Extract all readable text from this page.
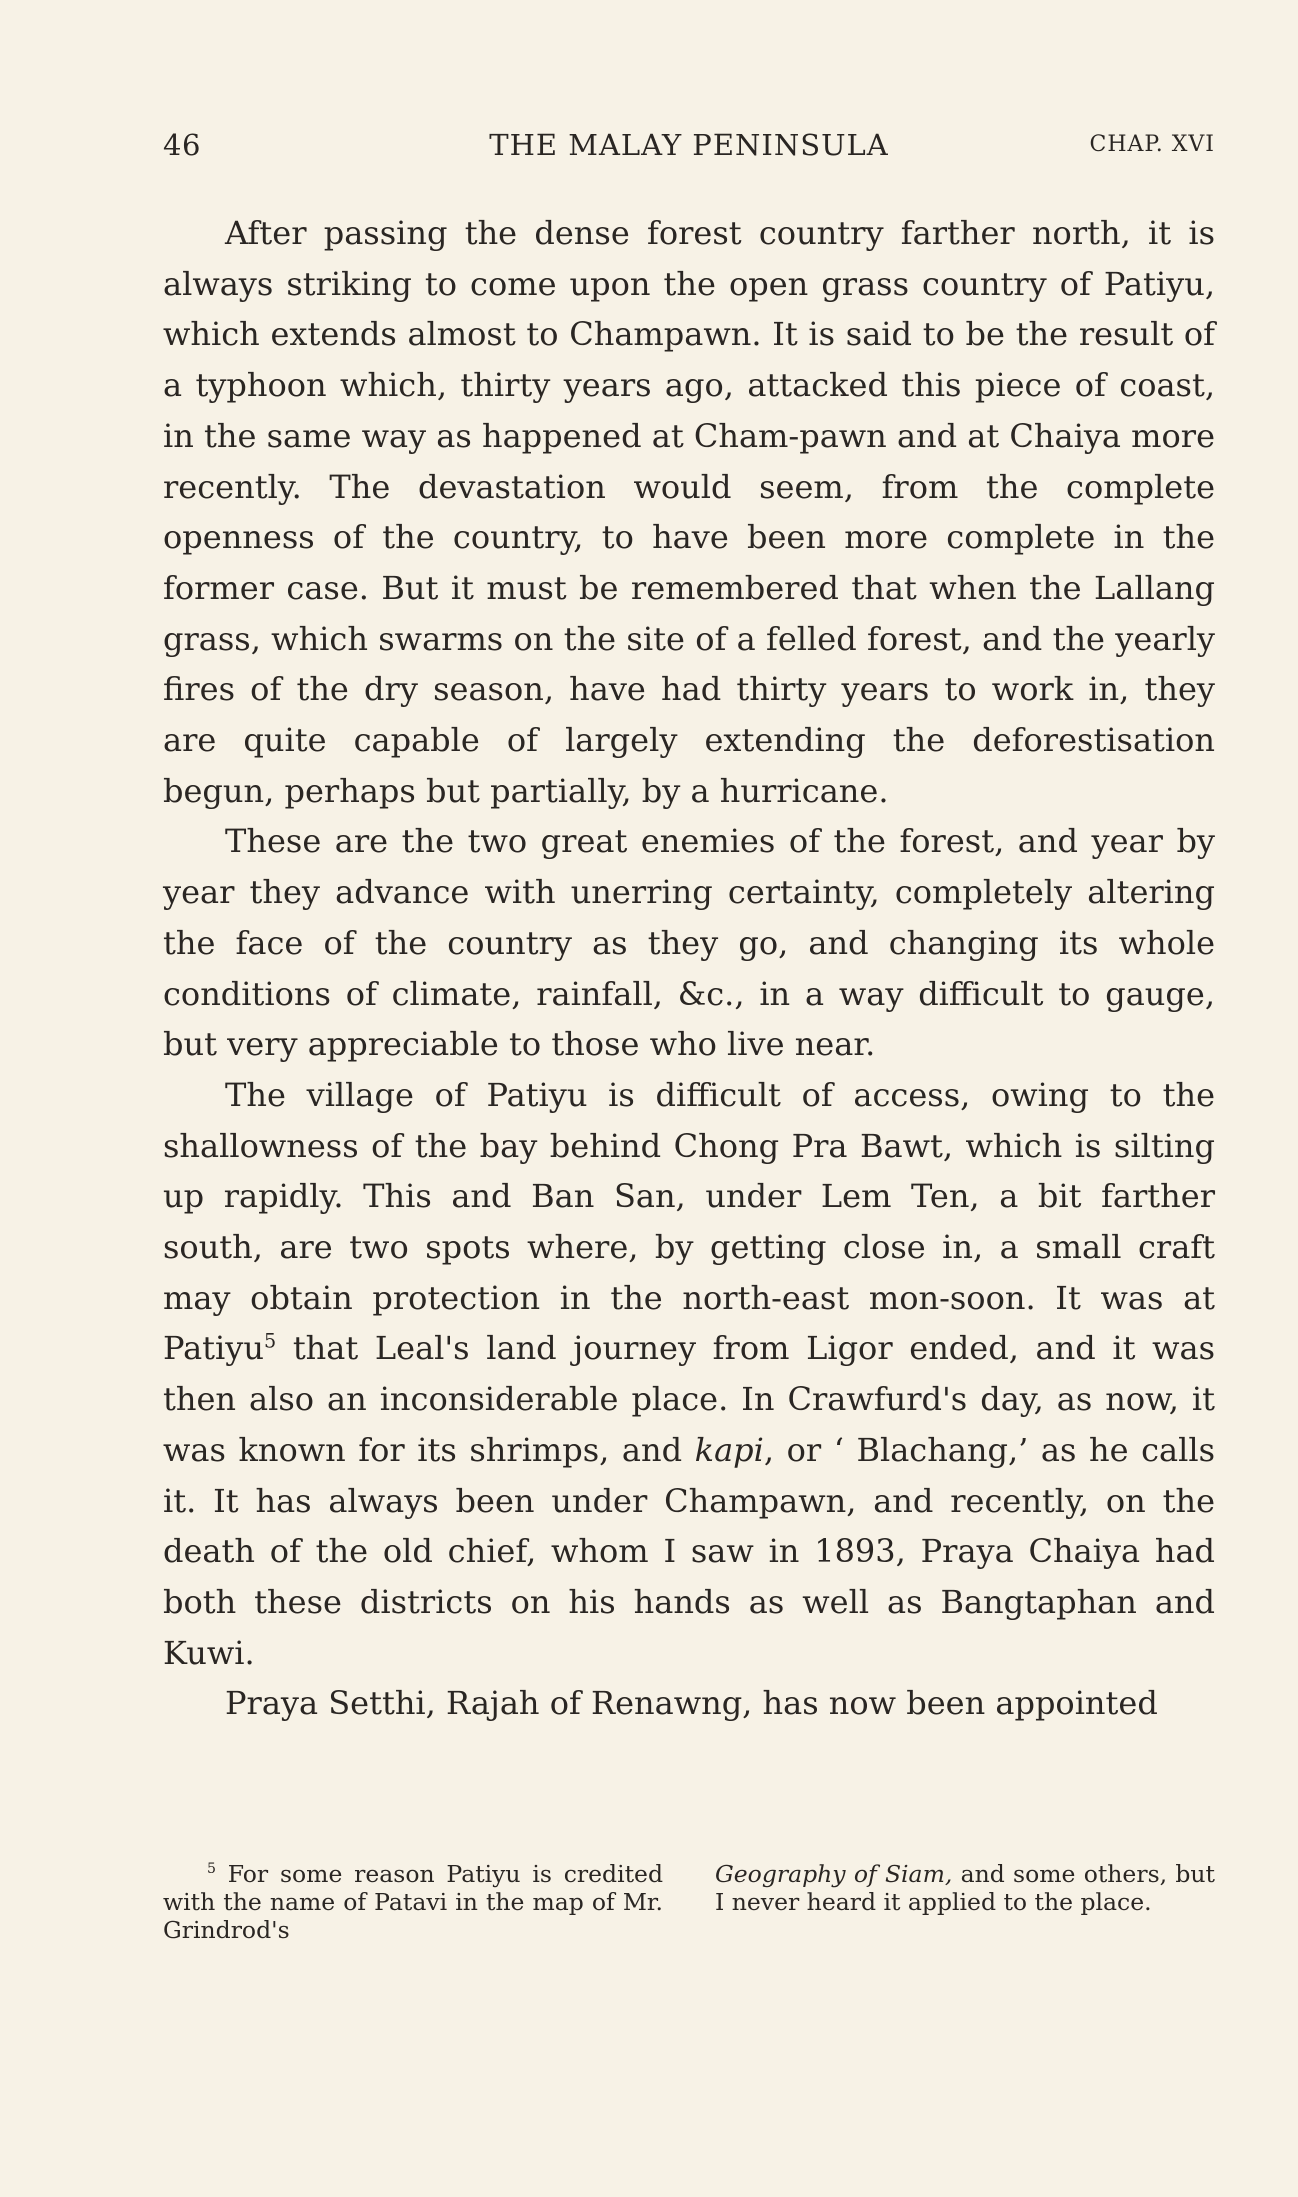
46	THE MALAY PENINSULA	CHAP. XVI

After passing the dense forest country farther north, it is always striking to come upon the open grass country of Patiyu, which extends almost to Champawn. It is said to be the result of a typhoon which, thirty years ago, attacked this piece of coast, in the same way as happened at Cham-pawn and at Chaiya more recently. The devastation would seem, from the complete openness of the country, to have been more complete in the former case. But it must be remembered that when the Lallang grass, which swarms on the site of a felled forest, and the yearly fires of the dry season, have had thirty years to work in, they are quite capable of largely extending the deforestisation begun, perhaps but partially, by a hurricane.

These are the two great enemies of the forest, and year by year they advance with unerring certainty, completely altering the face of the country as they go, and changing its whole conditions of climate, rainfall, &c., in a way difficult to gauge, but very appreciable to those who live near.

The village of Patiyu is difficult of access, owing to the shallowness of the bay behind Chong Pra Bawt, which is silting up rapidly. This and Ban San, under Lem Ten, a bit farther south, are two spots where, by getting close in, a small craft may obtain protection in the north-east mon-soon. It was at Patiyu$^5$ that Leal's land journey from Ligor ended, and it was then also an inconsiderable place. In Crawfurd's day, as now, it was known for its shrimps, and kapi, or ‘ Blachang,’ as he calls it. It has always been under Champawn, and recently, on the death of the old chief, whom I saw in 1893, Praya Chaiya had both these districts on his hands as well as Bangtaphan and Kuwi.

Praya Setthi, Rajah of Renawng, has now been appointed

$^5$ For some reason Patiyu is credited with the name of Patavi in the map of Mr. Grindrod's

Geography of Siam, and some others, but I never heard it applied to the place.
